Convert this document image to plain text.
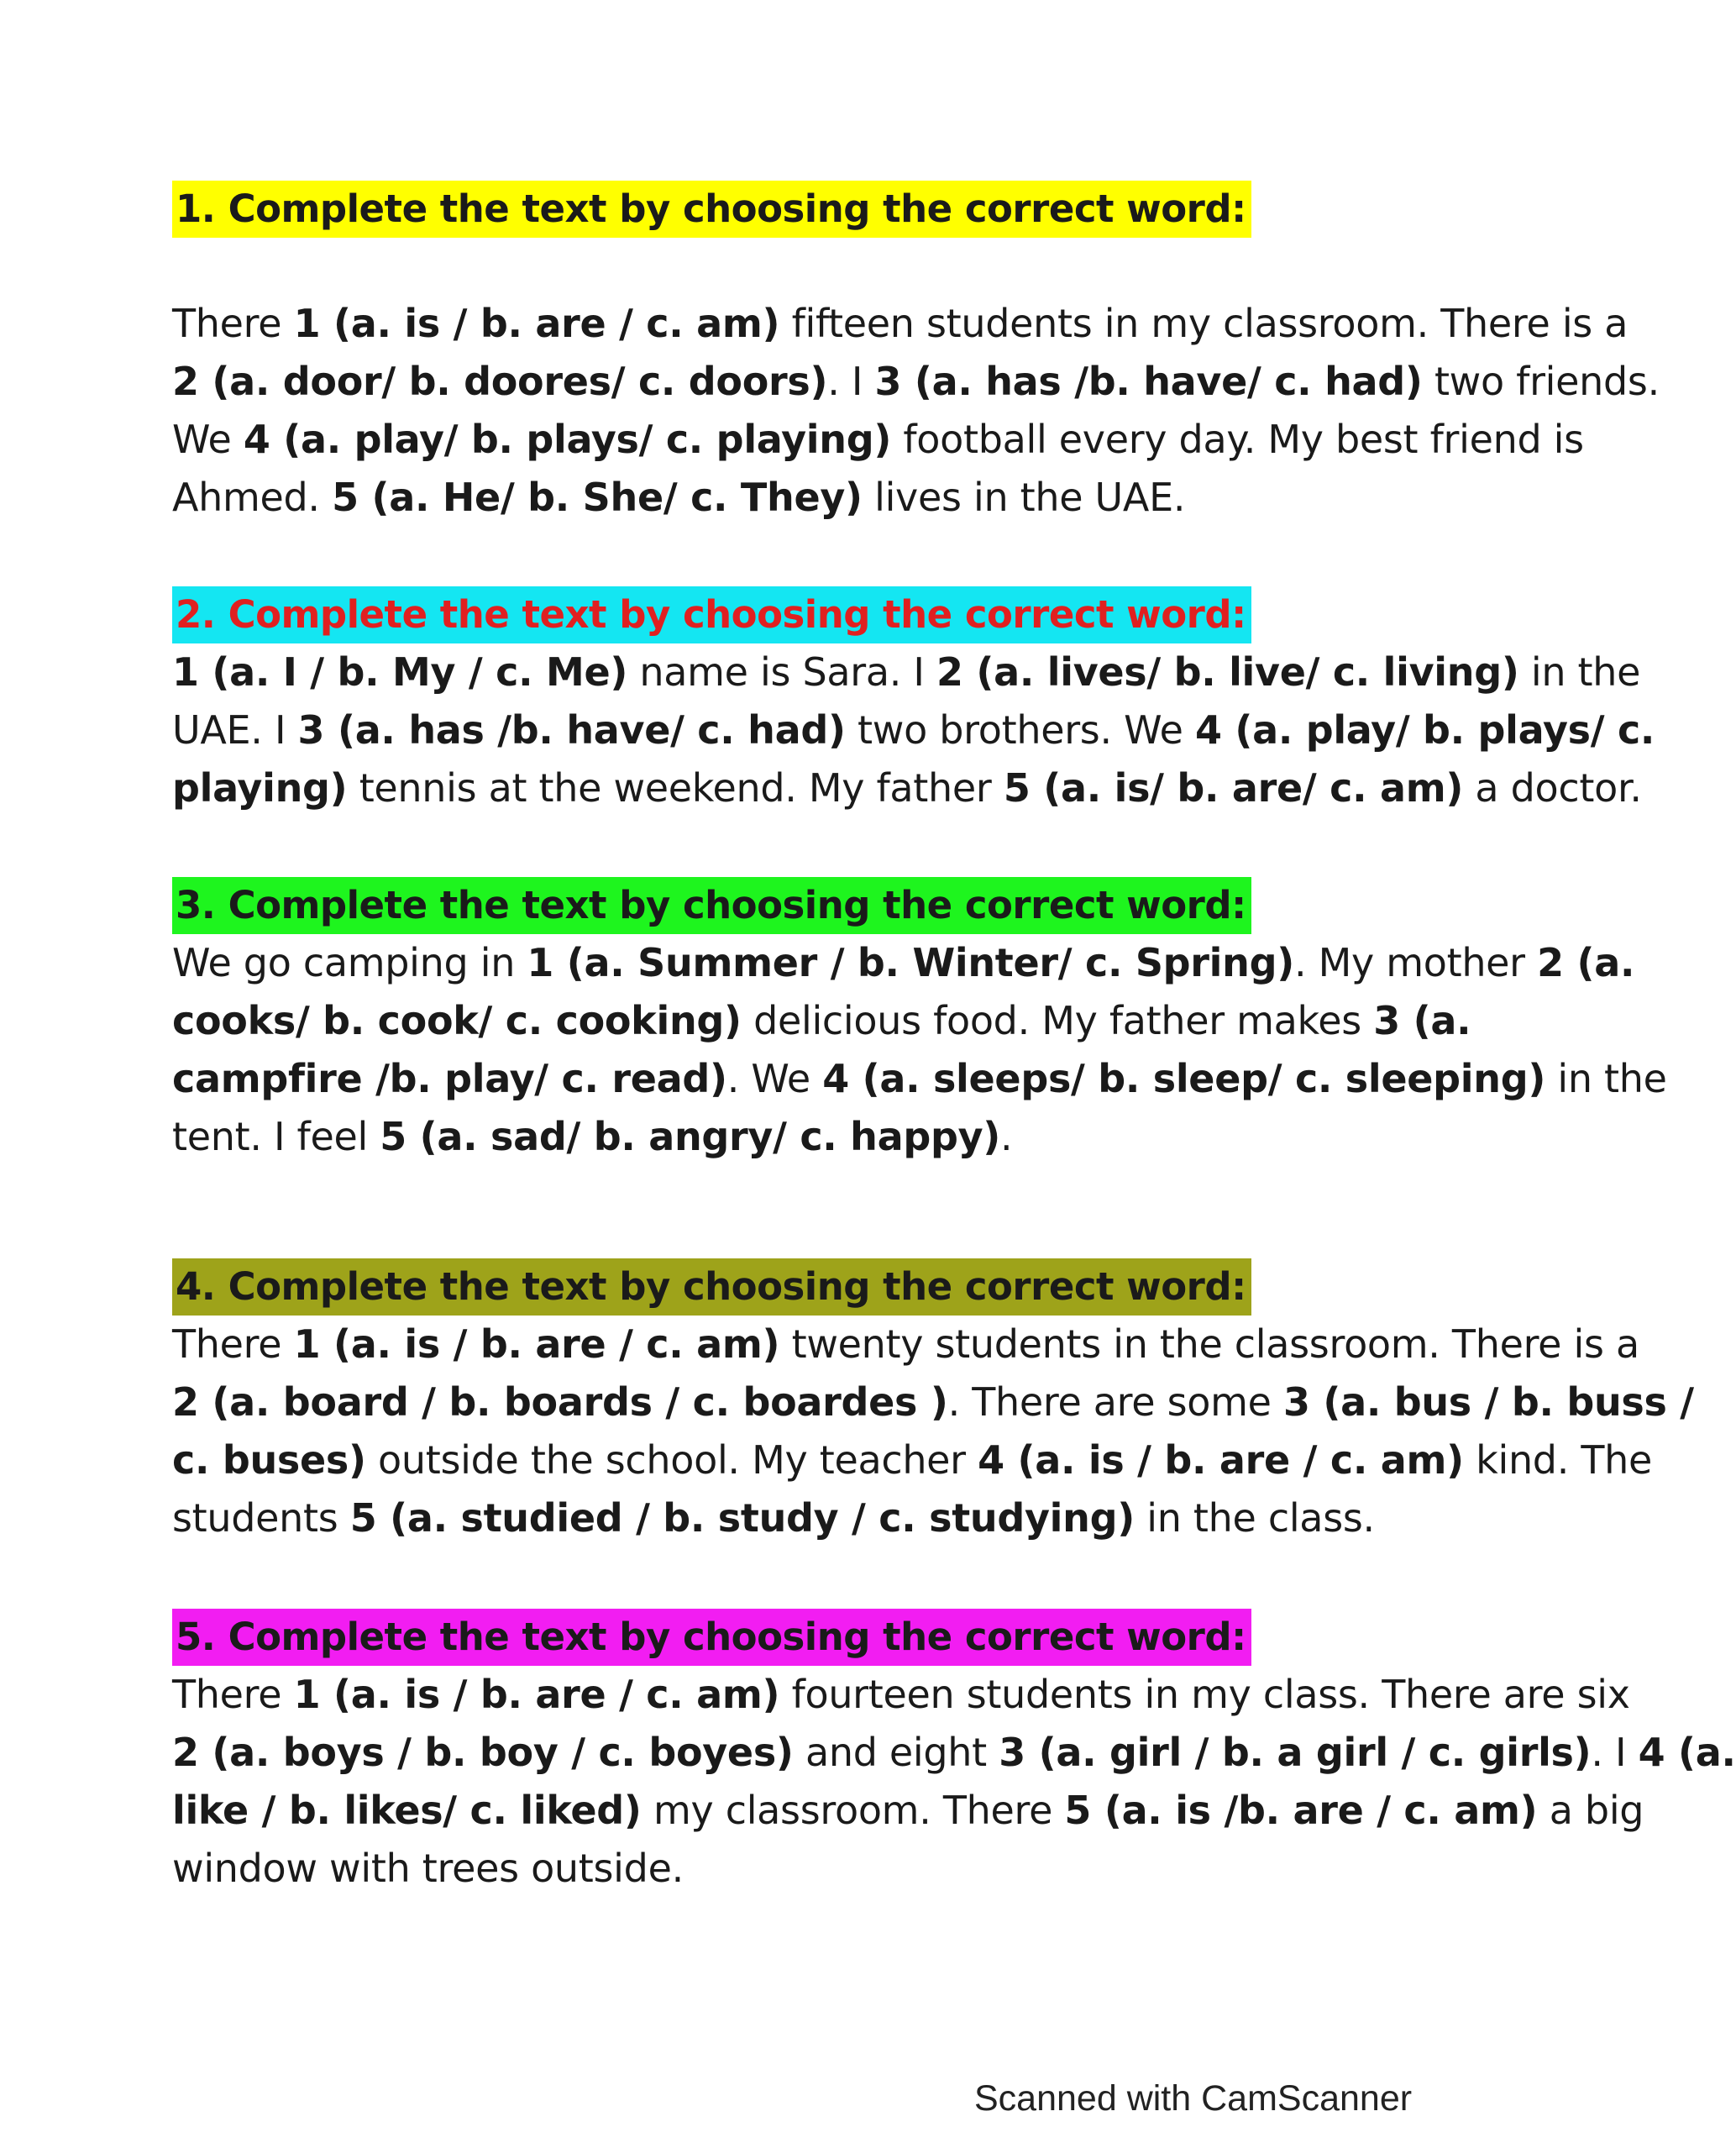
1. Complete the text by choosing the correct word:
There 1 (a. is / b. are / c. am) fifteen students in my classroom. There is a
2 (a. door/ b. doores/ c. doors). I 3 (a. has /b. have/ c. had) two friends.
We 4 (a. play/ b. plays/ c. playing) football every day. My best friend is
Ahmed. 5 (a. He/ b. She/ c. They) lives in the UAE.
2. Complete the text by choosing the correct word:
1 (a. I / b. My / c. Me) name is Sara. I 2 (a. lives/ b. live/ c. living) in the
UAE. I 3 (a. has /b. have/ c. had) two brothers. We 4 (a. play/ b. plays/ c.
playing) tennis at the weekend. My father 5 (a. is/ b. are/ c. am) a doctor.
3. Complete the text by choosing the correct word:
We go camping in 1 (a. Summer / b. Winter/ c. Spring). My mother 2 (a.
cooks/ b. cook/ c. cooking) delicious food. My father makes 3 (a.
campfire /b. play/ c. read). We 4 (a. sleeps/ b. sleep/ c. sleeping) in the
tent. I feel 5 (a. sad/ b. angry/ c. happy).
4. Complete the text by choosing the correct word:
There 1 (a. is / b. are / c. am) twenty students in the classroom. There is a
2 (a. board / b. boards / c. boardes ). There are some 3 (a. bus / b. buss /
c. buses) outside the school. My teacher 4 (a. is / b. are / c. am) kind. The
students 5 (a. studied / b. study / c. studying) in the class.
5. Complete the text by choosing the correct word:
There 1 (a. is / b. are / c. am) fourteen students in my class. There are six
2 (a. boys / b. boy / c. boyes) and eight 3 (a. girl / b. a girl / c. girls). I 4 (a.
like / b. likes/ c. liked) my classroom. There 5 (a. is /b. are / c. am) a big
window with trees outside.
Scanned with CamScanner
